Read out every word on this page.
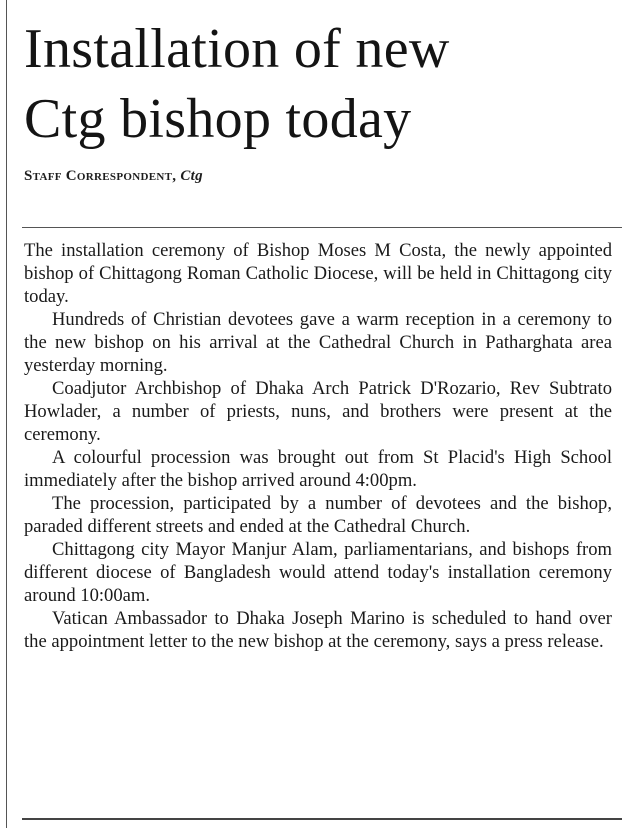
Installation of new
Ctg bishop today
Staff Correspondent, Ctg

The installation ceremony of Bishop Moses M Costa, the newly appointed bishop of Chittagong Roman Catholic Diocese, will be held in Chittagong city today.

Hundreds of Christian devotees gave a warm reception in a ceremony to the new bishop on his arrival at the Cathedral Church in Patharghata area yesterday morning.

Coadjutor Archbishop of Dhaka Arch Patrick D'Rozario, Rev Subtrato Howlader, a number of priests, nuns, and brothers were present at the ceremony.

A colourful procession was brought out from St Placid's High School immediately after the bishop arrived around 4:00pm.

The procession, participated by a number of devotees and the bishop, paraded different streets and ended at the Cathedral Church.

Chittagong city Mayor Manjur Alam, parliamentarians, and bishops from different diocese of Bangladesh would attend today's installation ceremony around 10:00am.

Vatican Ambassador to Dhaka Joseph Marino is scheduled to hand over the appointment letter to the new bishop at the ceremony, says a press release.
